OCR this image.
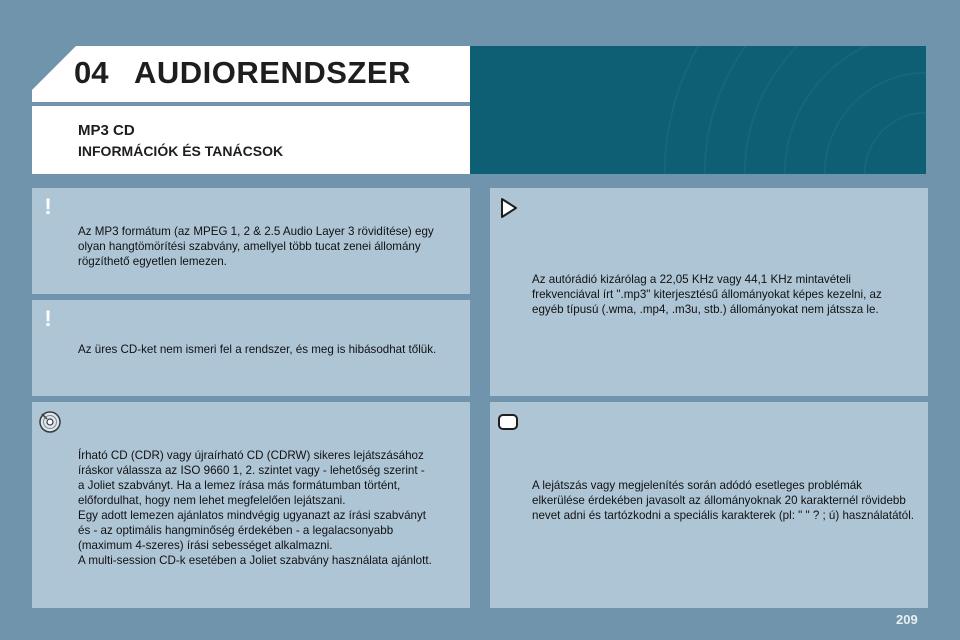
04 AUDIORENDSZER
MP3 CD
INFORMÁCIÓK ÉS TANÁCSOK
!

Az MP3 formátum (az MPEG 1, 2 & 2.5 Audio Layer 3 rövidítése) egy olyan hangtömörítési szabvány, amellyel több tucat zenei állomány rögzíthető egyetlen lemezen.

!

Az üres CD-ket nem ismeri fel a rendszer, és meg is hibásodhat tőlük.

Írható CD (CDR) vagy újraírható CD (CDRW) sikeres lejátszásához
íráskor válassza az ISO 9660 1, 2. szintet vagy - lehetőség szerint -
a Joliet szabványt. Ha a lemez írása más formátumban történt,
előfordulhat, hogy nem lehet megfelelően lejátszani.
Egy adott lemezen ajánlatos mindvégig ugyanazt az írási szabványt
és - az optimális hangminőség érdekében - a legalacsonyabb
(maximum 4-szeres) írási sebességet alkalmazni.
A multi-session CD-k esetében a Joliet szabvány használata ajánlott.

Az autórádió kizárólag a 22,05 KHz vagy 44,1 KHz mintavételi frekvenciával írt ".mp3" kiterjesztésű állományokat képes kezelni, az egyéb típusú (.wma, .mp4, .m3u, stb.) állományokat nem játssza le.

A lejátszás vagy megjelenítés során adódó esetleges problémák elkerülése érdekében javasolt az állományoknak 20 karakternél rövidebb nevet adni és tartózkodni a speciális karakterek (pl: " " ? ; ú) használatától.

209
